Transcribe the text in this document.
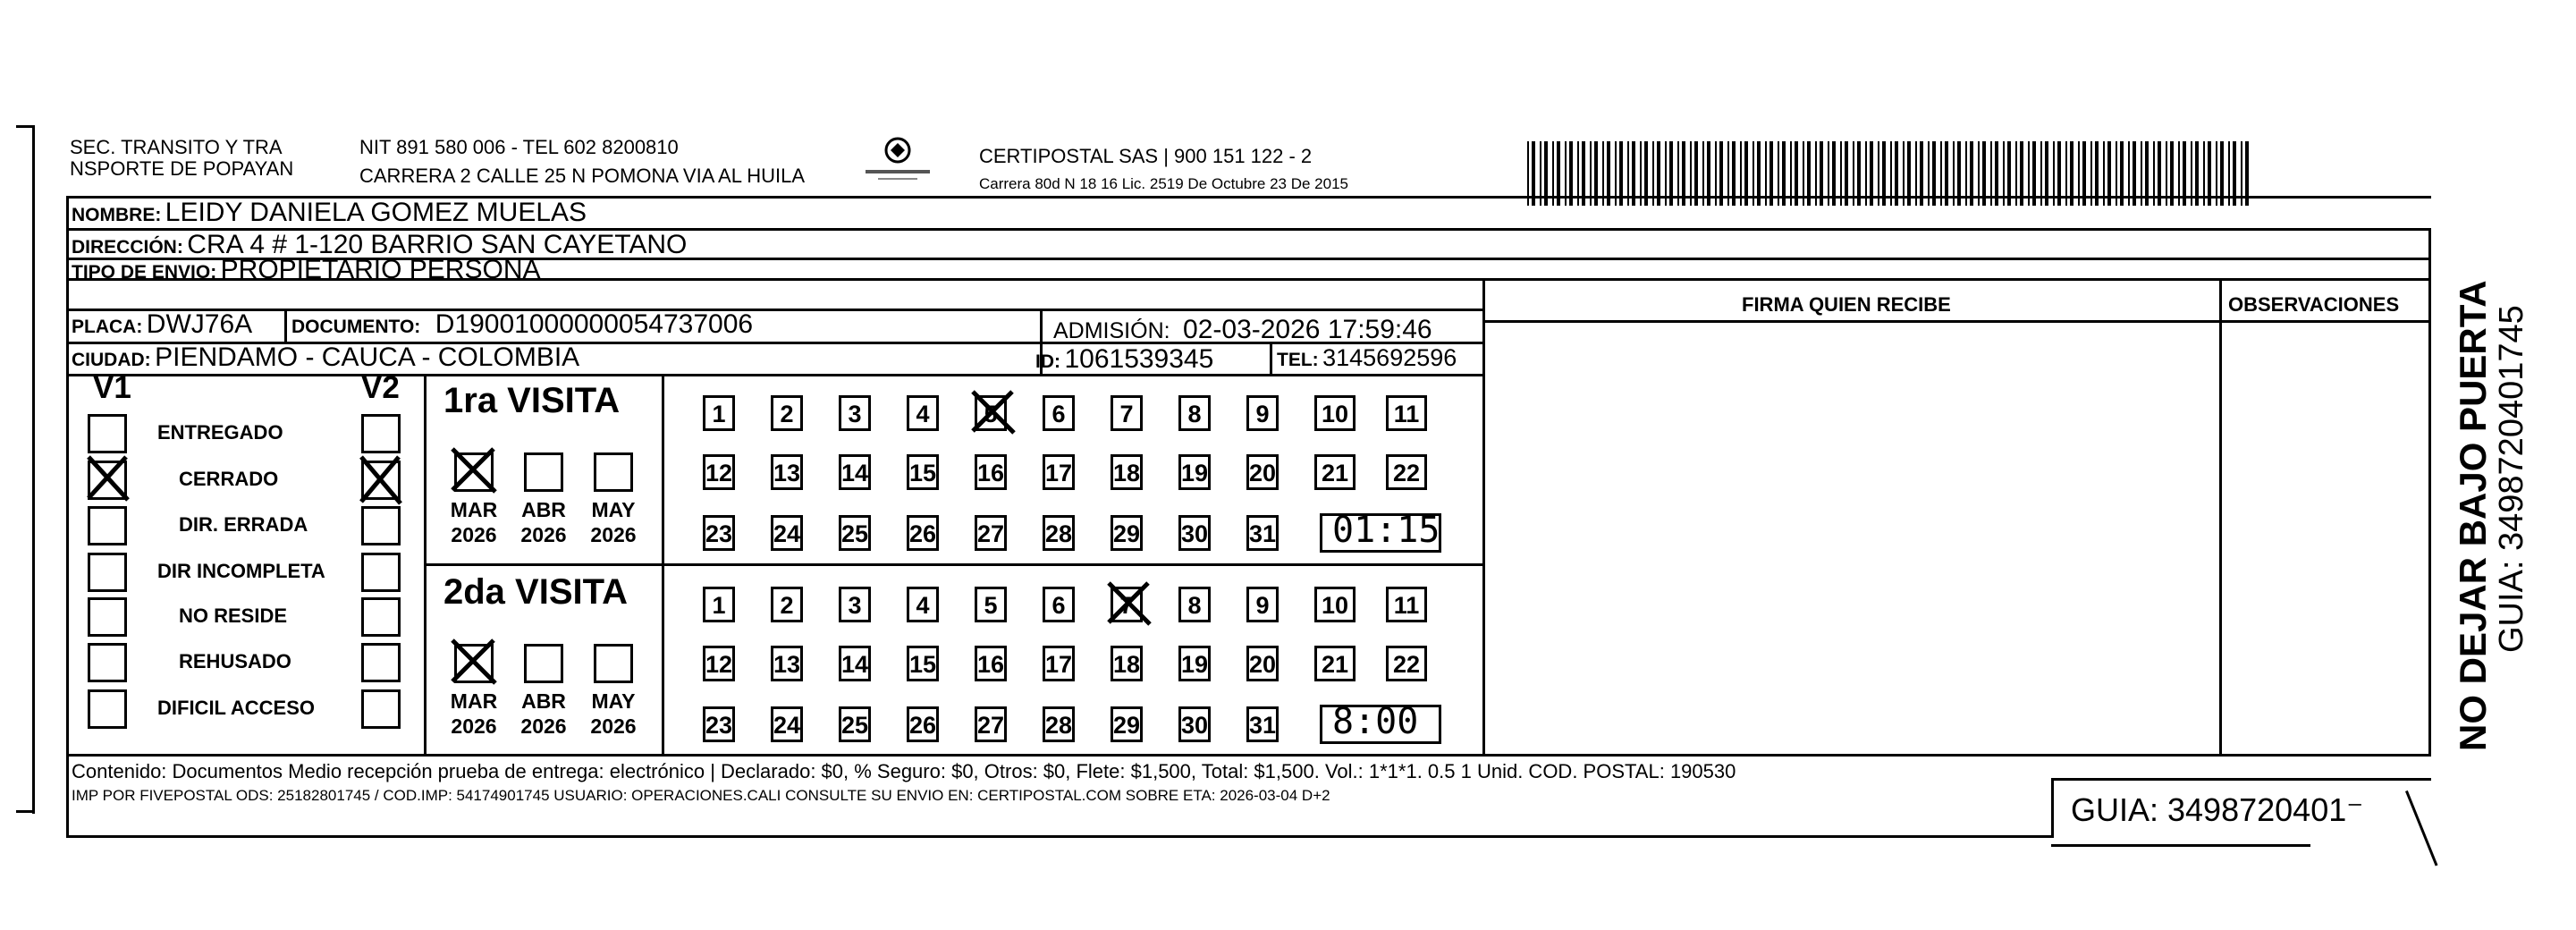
SEC. TRANSITO Y TRA
NSPORTE DE POPAYAN
NIT 891 580 006 - TEL 602 8200810
CARRERA 2 CALLE 25 N POMONA VIA AL HUILA
CERTIPOSTAL SAS | 900 151 122 - 2
Carrera 80d N 18 16 Lic. 2519 De Octubre 23 De 2015
NOMBRE: LEIDY DANIELA GOMEZ MUELAS
DIRECCIÓN: CRA 4 # 1-120 BARRIO SAN CAYETANO
TIPO DE ENVIO: PROPIETARIO PERSONA
PLACA: DWJ76A DOCUMENTO: D19001000000054737006	ADMISIÓN: 02-03-2026 17:59:46
CIUDAD: PIENDAMO - CAUCA - COLOMBIA	ID: 1061539345	TEL: 3145692596
FIRMA QUIEN RECIBE	OBSERVACIONES
V1	V2
ENTREGADO
CERRADO
DIR. ERRADA
DIR INCOMPLETA
NO RESIDE
REHUSADO
DIFICIL ACCESO
1ra VISITA
MAR
2026
ABR
2026
MAY
2026
1	2	3	4	5	6	7	8	9	10	11
12 13 14 15 16 17 18 19 20 21 22
23 24 25 26 27 28 29 30 31 01:15
2da VISITA
MAR
2026
ABR
2026
MAY
2026
1	2	3	4	5	6	7	8	9	10	11
12 13 14 15 16 17 18 19 20 21 22
23 24 25 26 27 28 29 30 31 8:00
Contenido: Documentos Medio recepción prueba de entrega: electrónico | Declarado: $0, % Seguro: $0, Otros: $0, Flete: $1,500, Total: $1,500. Vol.: 1*1*1. 0.5 1 Unid. COD. POSTAL: 190530
IMP POR FIVEPOSTAL ODS: 25182801745 / COD.IMP: 54174901745 USUARIO: OPERACIONES.CALI CONSULTE SU ENVIO EN: CERTIPOSTAL.COM SOBRE ETA: 2026-03-04 D+2	GUIA: 3498720401⁻
NO DEJAR BAJO PUERTA GUIA: 3498720401745
